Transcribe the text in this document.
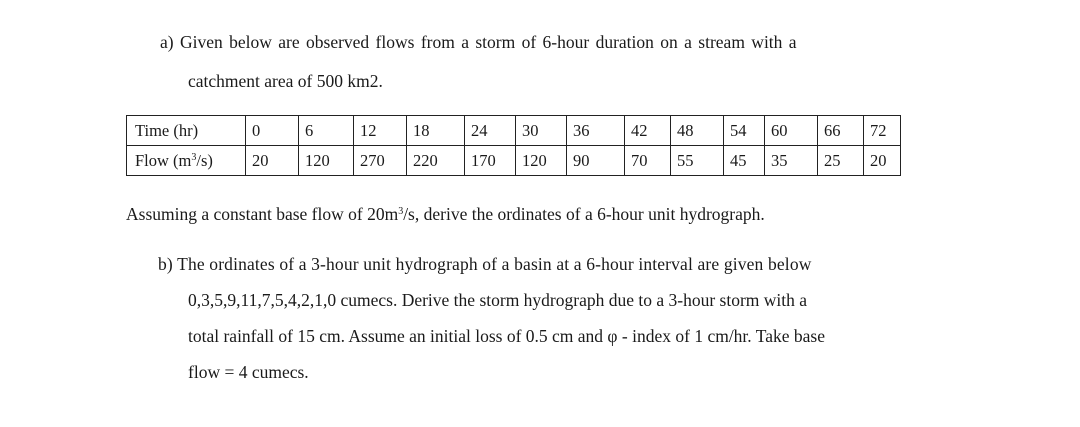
a) Given below are observed flows from a storm of 6-hour duration on a stream with a
catchment area of 500 km2.
Time (hr)	0	6	12	18	24	30	36	42	48	54	60	66	72
Flow $(m^3/s)$	20	120	270	220	170	120	90	70	55	45	35	25	20
Assuming a constant base flow of $20m^3/s$, derive the ordinates of a 6-hour unit hydrograph.
b) The ordinates of a 3-hour unit hydrograph of a basin at a 6-hour interval are given below
0,3,5,9,11,7,5,4,2,1,0 cumecs. Derive the storm hydrograph due to a 3-hour storm with a
total rainfall of 15 cm. Assume an initial loss of 0.5 cm and φ - index of 1 cm/hr. Take base
flow = 4 cumecs.
